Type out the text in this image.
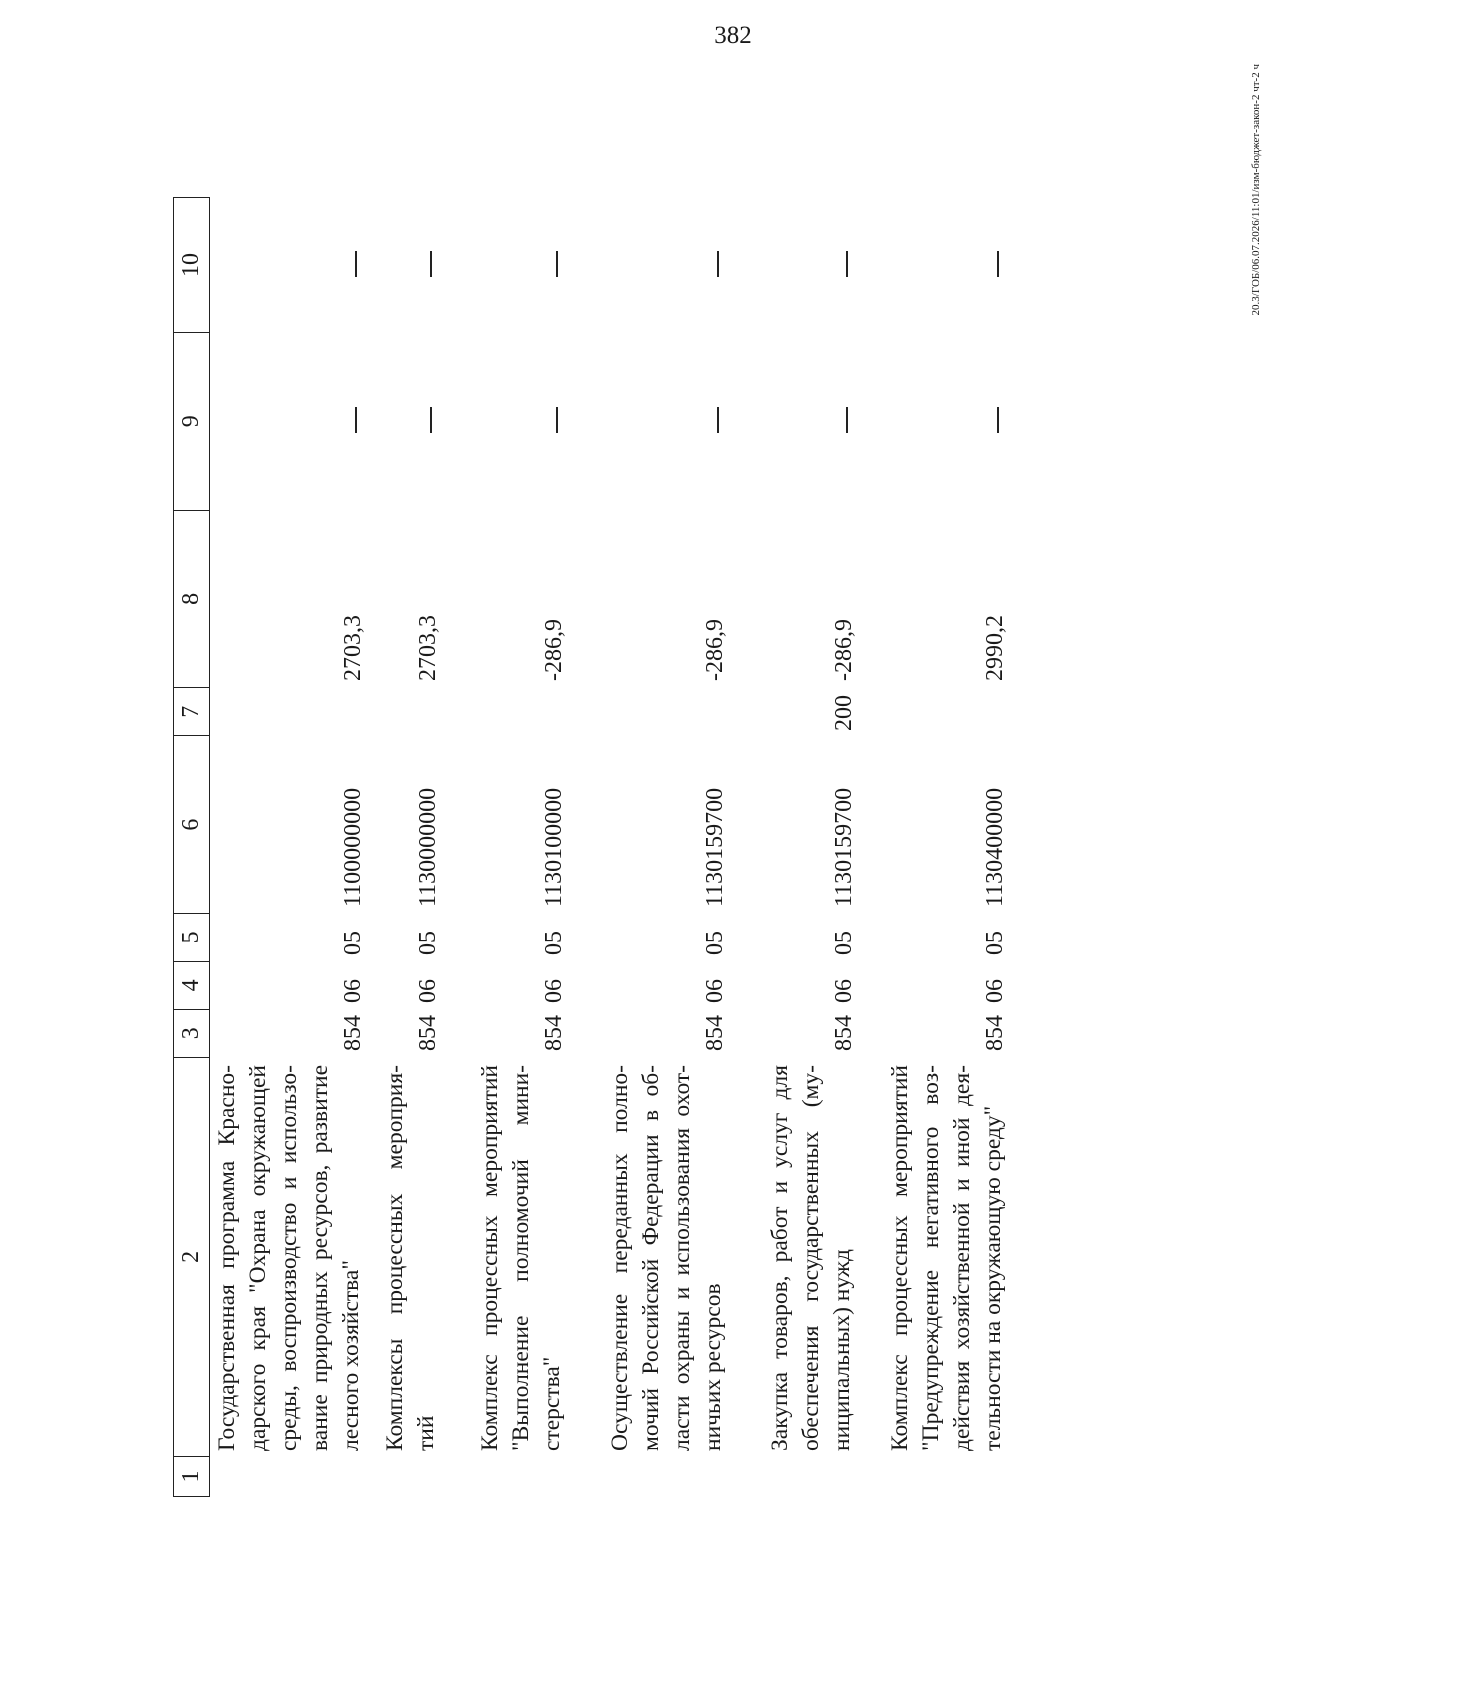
382
1
2
3
4
5
6
7
8
9
10
Государственная программа Красно- дарского края "Охрана окружающей среды, воспроизводство и использо- вание природных ресурсов, развитие лесного хозяйства"
854
06
05
1100000000
2703,3
Комплексы процессных мероприя- тий
854
06
05
1130000000
2703,3
Комплекс процессных мероприятий "Выполнение полномочий мини- стерства"
854
06
05
1130100000
-286,9
Осуществление переданных полно- мочий Российской Федерации в об- ласти охраны и использования охот- ничьих ресурсов
854
06
05
1130159700
-286,9
Закупка товаров, работ и услуг для обеспечения государственных (му- ниципальных) нужд
854
06
05
1130159700
200
-286,9
Комплекс процессных мероприятий "Предупреждение негативного воз- действия хозяйственной и иной дея- тельности на окружающую среду"
854
06
05
1130400000
2990,2
20.3/ГОБ/06.07.2026/11:01/изм-бюджет-закон-2 чт-2 ч
